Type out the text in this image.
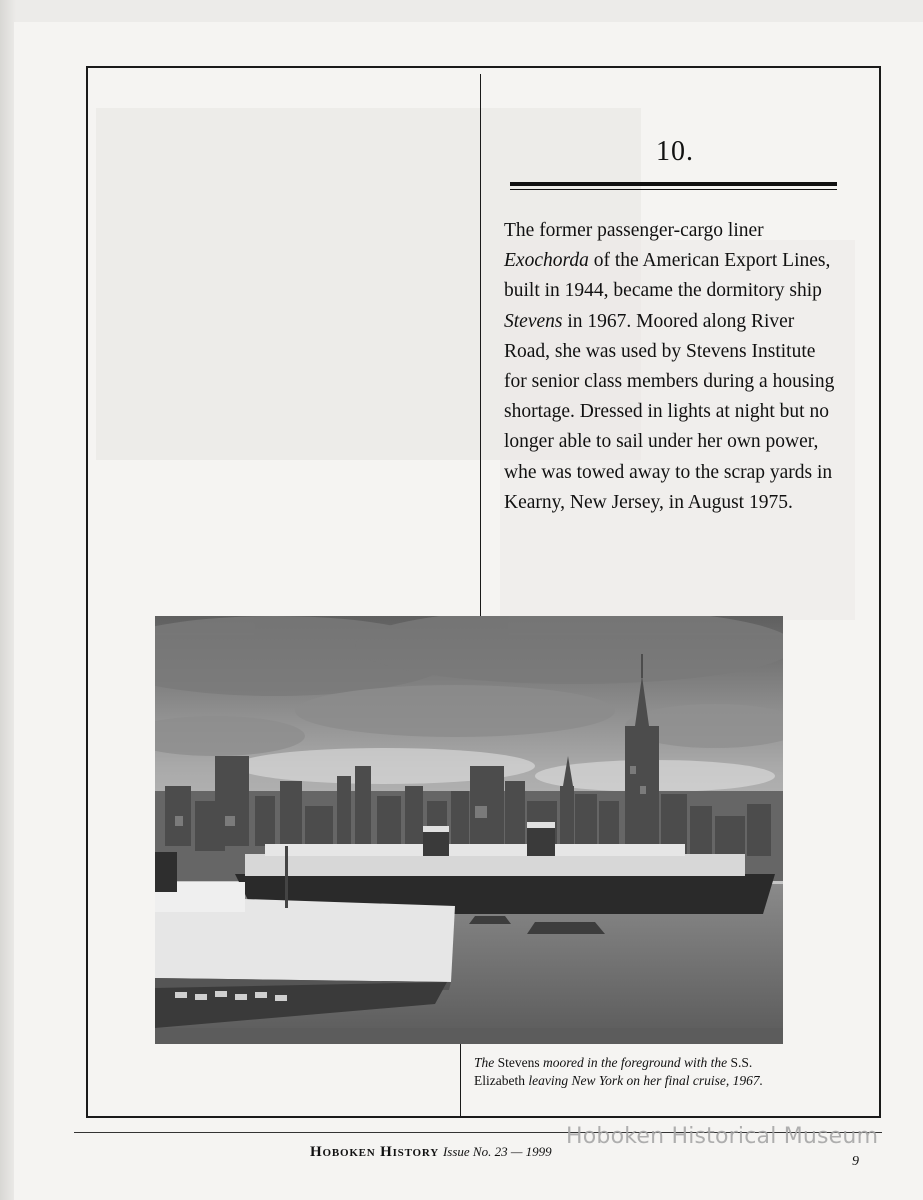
10.

The former passenger-cargo liner Exochorda of the American Export Lines, built in 1944, became the dormitory ship Stevens in 1967. Moored along River Road, she was used by Stevens Institute for senior class members during a housing shortage. Dressed in lights at night but no longer able to sail under her own power, whe was towed away to the scrap yards in Kearny, New Jersey, in August 1975.

The Stevens moored in the foreground with the S.S. Elizabeth leaving New York on her final cruise, 1967.
Hoboken History Issue No. 23 — 1999
9
Hoboken Historical Museum
